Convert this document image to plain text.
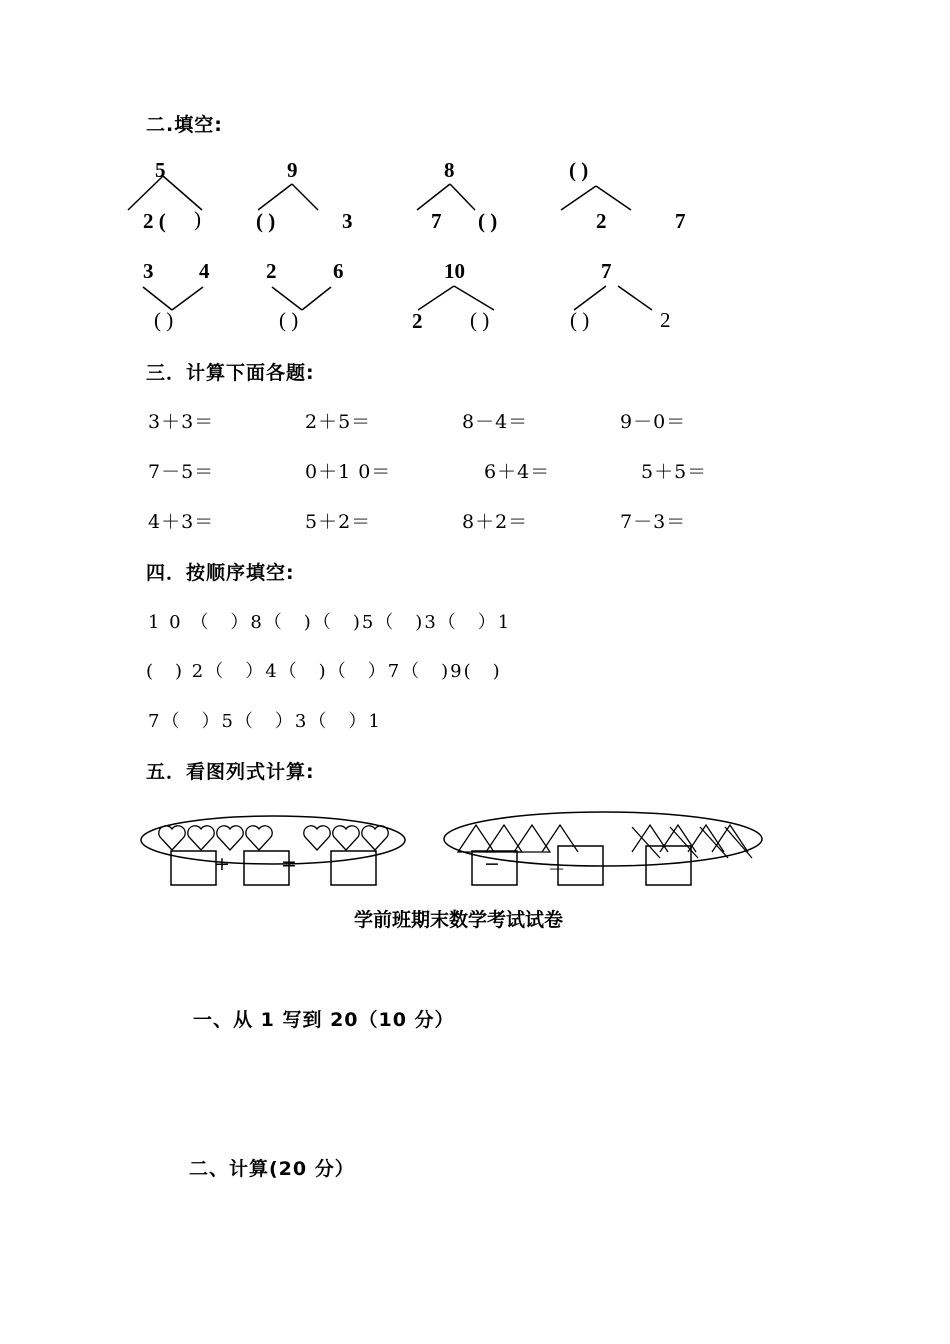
二.填空:
5
2 ( )
9
( )	3
8
7 ( )
( )
2	7
3 4
( )
2	6
( )
10
2 ( )
7
( )	2
三．计算下面各题:
3＋3＝	2＋5＝	8－4＝	9－0＝
7－5＝	0＋1 0＝	6＋4＝	5＋5＝
4＋3＝	5＋2＝	8＋2＝	7－3＝
四．按顺序填空:
1 0 （　）8（　)（　)5（　)3（　）1
(　) 2（　）4（　)（　）7（　)9(　)
7（　）5（　）3（　）1
五．看图列式计算:
+	=	− ＝
学前班期末数学考试试卷
一、从 1 写到 20（10 分）
二、计算(20 分）
